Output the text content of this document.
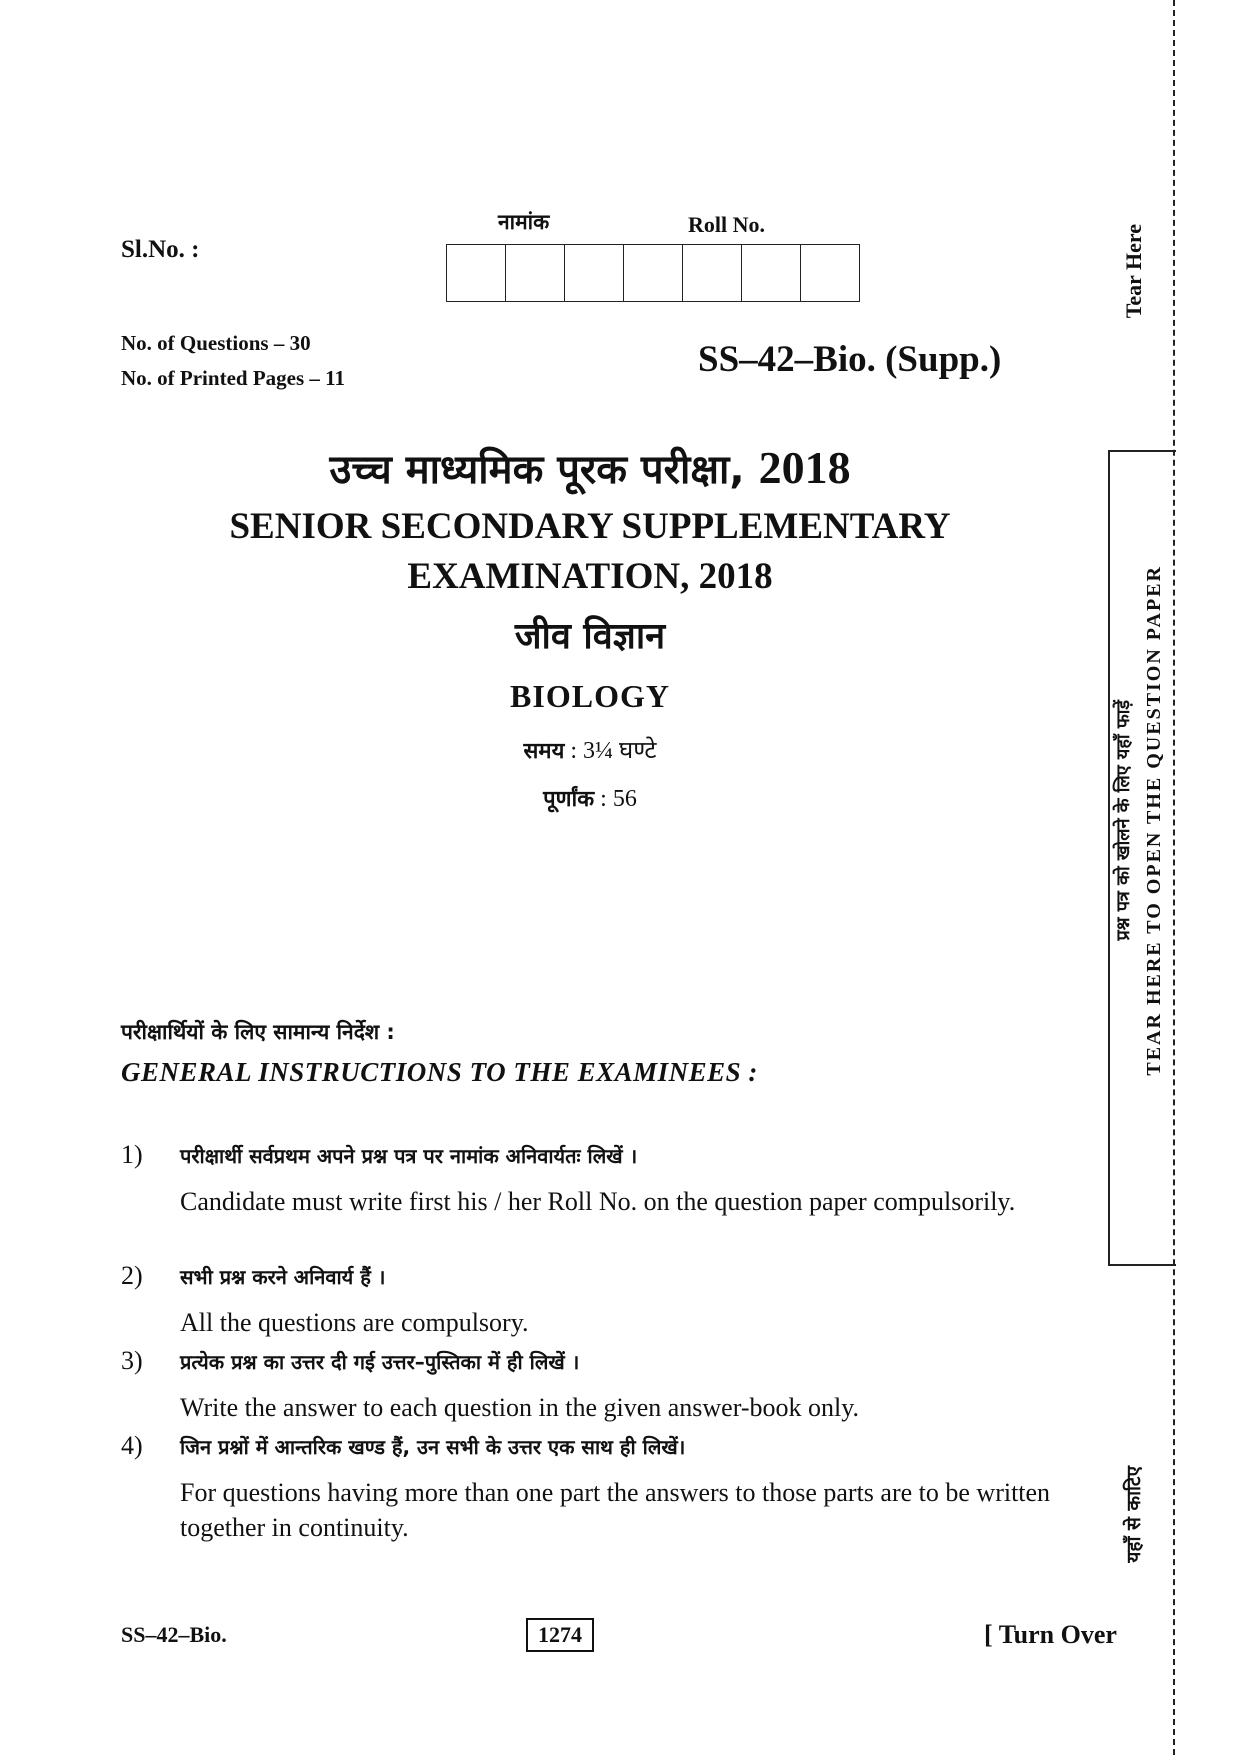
Sl.No. :
नामांक	Roll No.
No. of Questions – 30
No. of Printed Pages – 11	SS–42–Bio. (Supp.)
उच्च माध्यमिक पूरक परीक्षा, 2018
SENIOR SECONDARY SUPPLEMENTARY
EXAMINATION, 2018
जीव विज्ञान
BIOLOGY
समय : 3¼ घण्टे
पूर्णांक : 56
परीक्षार्थियों के लिए सामान्य निर्देश :
GENERAL INSTRUCTIONS TO THE EXAMINEES :
1) परीक्षार्थी सर्वप्रथम अपने प्रश्न पत्र पर नामांक अनिवार्यतः लिखें ।
Candidate must write first his / her Roll No. on the question paper compulsorily.
2) सभी प्रश्न करने अनिवार्य हैं ।
All the questions are compulsory.
3) प्रत्येक प्रश्न का उत्तर दी गई उत्तर–पुस्तिका में ही लिखें ।
Write the answer to each question in the given answer-book only.
4) जिन प्रश्नों में आन्तरिक खण्ड हैं, उन सभी के उत्तर एक साथ ही लिखें।
For questions having more than one part the answers to those parts are to be written together in continuity.
SS–42–Bio.	1274	[ Turn Over
Tear Here
प्रश्न पत्र को खोलने के लिए यहाँ फाड़ें TEAR HERE TO OPEN THE QUESTION PAPER
यहाँ से काटिए
